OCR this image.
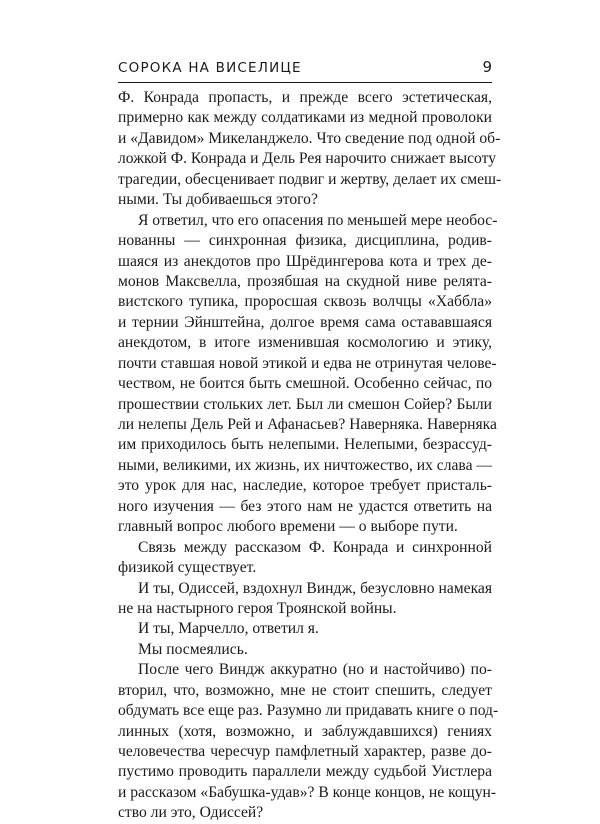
СОРОКА НА ВИСЕЛИЦЕ	9
Ф. Конрада пропасть, и прежде всего эстетическая,
примерно как между солдатиками из медной проволоки
и «Давидом» Микеланджело. Что сведение под одной об-
ложкой Ф. Конрада и Дель Рея нарочито снижает высоту
трагедии, обесценивает подвиг и жертву, делает их смеш-
ными. Ты добиваешься этого?
Я ответил, что его опасения по меньшей мере необос-
нованны — синхронная физика, дисциплина, родив-
шаяся из анекдотов про Шрёдингерова кота и трех де-
монов Максвелла, прозябшая на скудной ниве релята-
вистского тупика, проросшая сквозь волчцы «Хаббла»
и тернии Эйнштейна, долгое время сама остававшаяся
анекдотом, в итоге изменившая космологию и этику,
почти ставшая новой этикой и едва не отринутая челове-
чеством, не боится быть смешной. Особенно сейчас, по
прошествии стольких лет. Был ли смешон Сойер? Были
ли нелепы Дель Рей и Афанасьев? Наверняка. Наверняка
им приходилось быть нелепыми. Нелепыми, безрассуд-
ными, великими, их жизнь, их ничтожество, их слава —
это урок для нас, наследие, которое требует присталь-
ного изучения — без этого нам не удастся ответить на
главный вопрос любого времени — о выборе пути.
Связь между рассказом Ф. Конрада и синхронной
физикой существует.
И ты, Одиссей, вздохнул Виндж, безусловно намекая
не на настырного героя Троянской войны.
И ты, Марчелло, ответил я.
Мы посмеялись.
После чего Виндж аккуратно (но и настойчиво) по-
вторил, что, возможно, мне не стоит спешить, следует
обдумать все еще раз. Разумно ли придавать книге о под-
линных (хотя, возможно, и заблуждавшихся) гениях
человечества чересчур памфлетный характер, разве до-
пустимо проводить параллели между судьбой Уистлера
и рассказом «Бабушка-удав»? В конце концов, не кощун-
ство ли это, Одиссей?
